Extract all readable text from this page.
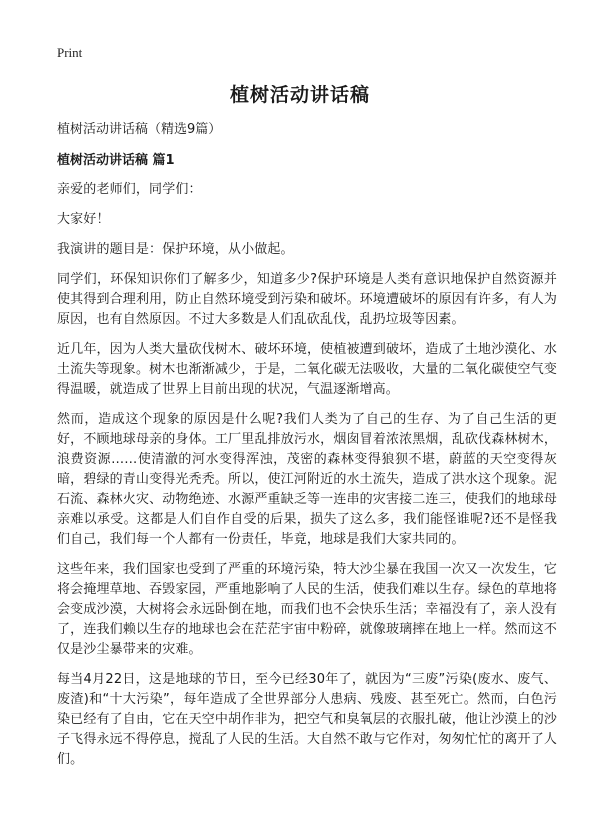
Print
植树活动讲话稿

植树活动讲话稿（精选9篇）

植树活动讲话稿 篇1

亲爱的老师们，同学们：

大家好！

我演讲的题目是：保护环境，从小做起。

同学们，环保知识你们了解多少，知道多少?保护环境是人类有意识地保护自然资源并使其得到合理利用，防止自然环境受到污染和破坏。环境遭破坏的原因有许多，有人为原因，也有自然原因。不过大多数是人们乱砍乱伐，乱扔垃圾等因素。

近几年，因为人类大量砍伐树木、破坏环境，使植被遭到破坏，造成了土地沙漠化、水土流失等现象。树木也渐渐减少，于是，二氧化碳无法吸收，大量的二氧化碳使空气变得温暖，就造成了世界上目前出现的状况，气温逐渐增高。

然而，造成这个现象的原因是什么呢?我们人类为了自己的生存、为了自己生活的更好，不顾地球母亲的身体。工厂里乱排放污水，烟囱冒着浓浓黑烟，乱砍伐森林树木，浪费资源……使清澈的河水变得浑浊，茂密的森林变得狼狈不堪，蔚蓝的天空变得灰暗，碧绿的青山变得光秃秃。所以，使江河附近的水土流失，造成了洪水这个现象。泥石流、森林火灾、动物绝迹、水源严重缺乏等一连串的灾害接二连三，使我们的地球母亲难以承受。这都是人们自作自受的后果，损失了这么多，我们能怪谁呢?还不是怪我们自己，我们每一个人都有一份责任，毕竟，地球是我们大家共同的。

这些年来，我们国家也受到了严重的环境污染，特大沙尘暴在我国一次又一次发生，它将会掩埋草地、吞毁家园，严重地影响了人民的生活，使我们难以生存。绿色的草地将会变成沙漠，大树将会永远卧倒在地，而我们也不会快乐生活；幸福没有了，亲人没有了，连我们赖以生存的地球也会在茫茫宇宙中粉碎，就像玻璃摔在地上一样。然而这不仅是沙尘暴带来的灾难。

每当4月22日，这是地球的节日，至今已经30年了，就因为“三废”污染(废水、废气、废渣)和“十大污染”，每年造成了全世界部分人患病、残废、甚至死亡。然而，白色污染已经有了自由，它在天空中胡作非为，把空气和臭氧层的衣服扎破，他让沙漠上的沙子飞得永远不得停息，搅乱了人民的生活。大自然不敢与它作对，匆匆忙忙的离开了人们。
